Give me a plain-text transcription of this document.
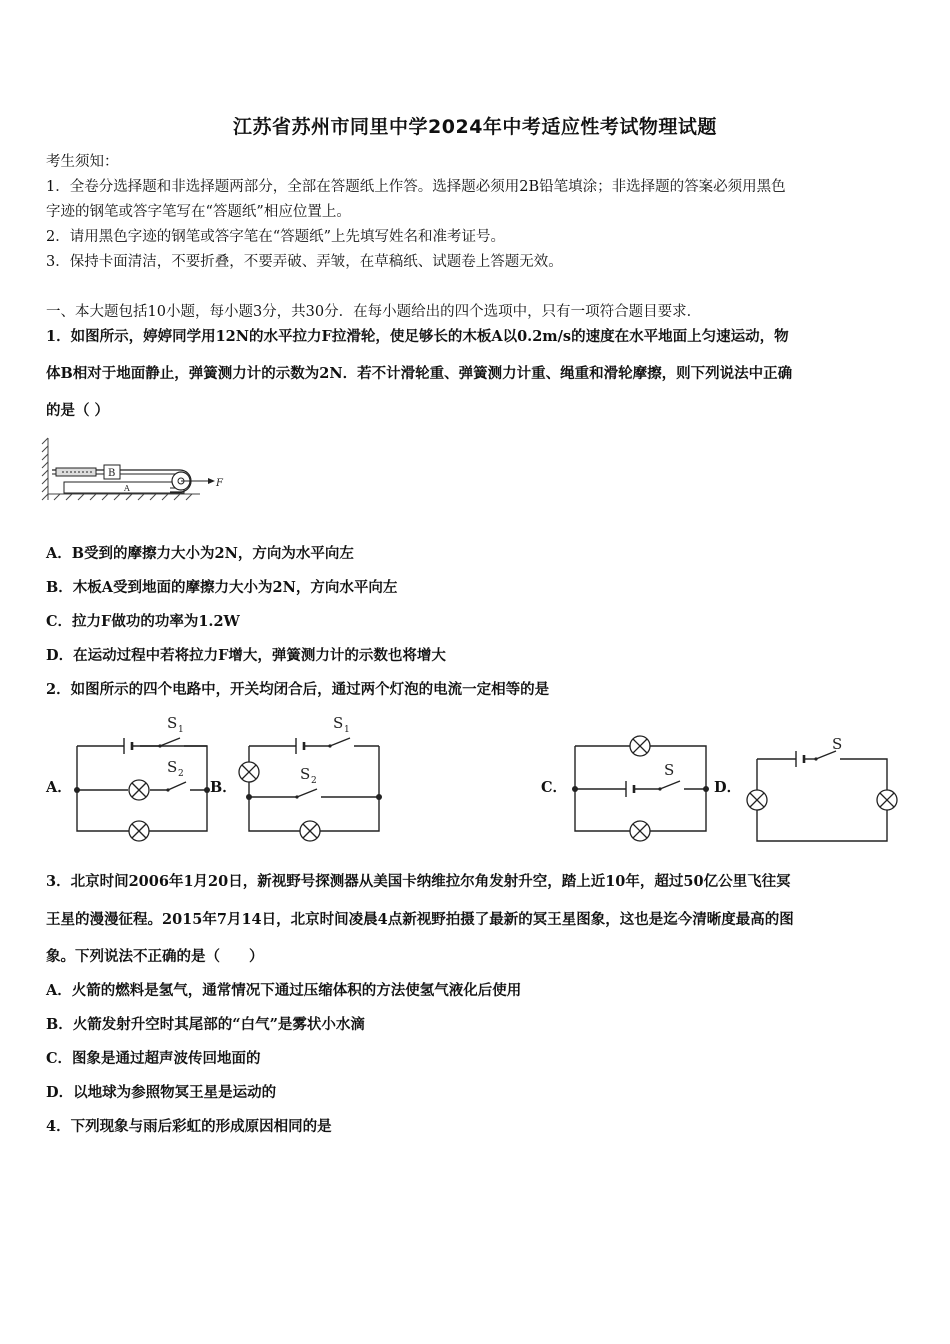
江苏省苏州市同里中学2024年中考适应性考试物理试题
考生须知：
1．全卷分选择题和非选择题两部分，全部在答题纸上作答。选择题必须用2B铅笔填涂；非选择题的答案必须用黑色
字迹的钢笔或答字笔写在“答题纸”相应位置上。
2．请用黑色字迹的钢笔或答字笔在“答题纸”上先填写姓名和准考证号。
3．保持卡面清洁，不要折叠，不要弄破、弄皱，在草稿纸、试题卷上答题无效。
一、本大题包括10小题，每小题3分，共30分．在每小题给出的四个选项中，只有一项符合题目要求．
1．如图所示，婷婷同学用12N的水平拉力F拉滑轮，使足够长的木板A以0.2m/s的速度在水平地面上匀速运动，物
体B相对于地面静止，弹簧测力计的示数为2N．若不计滑轮重、弹簧测力计重、绳重和滑轮摩擦，则下列说法中正确
的是（ ）
B
A	F
A．B受到的摩擦力大小为2N，方向为水平向左
B．木板A受到地面的摩擦力大小为2N，方向水平向左
C．拉力F做功的功率为1.2W
D．在运动过程中若将拉力F增大，弹簧测力计的示数也将增大
2．如图所示的四个电路中，开关均闭合后，通过两个灯泡的电流一定相等的是
A．	B．	C．	D．
S 1
S 2
S 1
S 2
S
S
3．北京时间2006年1月20日，新视野号探测器从美国卡纳维拉尔角发射升空，踏上近10年，超过50亿公里飞往冥
王星的漫漫征程。2015年7月14日，北京时间凌晨4点新视野拍摄了最新的冥王星图象，这也是迄今清晰度最高的图
象。下列说法不正确的是（　　）
A．火箭的燃料是氢气，通常情况下通过压缩体积的方法使氢气液化后使用
B．火箭发射升空时其尾部的“白气”是雾状小水滴
C．图象是通过超声波传回地面的
D．以地球为参照物冥王星是运动的
4．下列现象与雨后彩虹的形成原因相同的是
